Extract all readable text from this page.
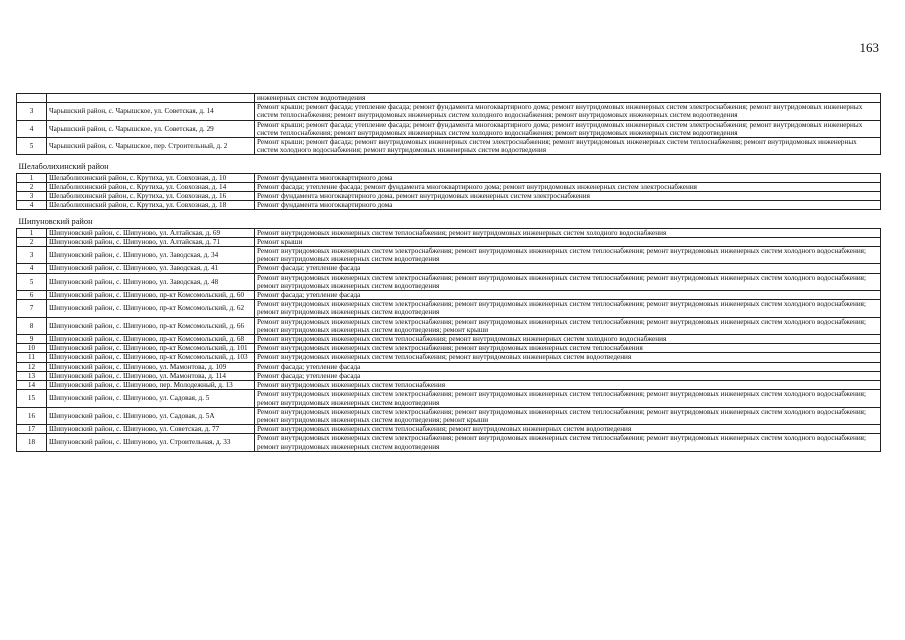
163
		инженерных систем водоотведения
3	Чарышский район, с. Чарышское, ул. Советская, д. 14	Ремонт крыши; ремонт фасада; утепление фасада; ремонт фундамента многоквартирного дома; ремонт внутридомовых инженерных систем электроснабжения; ремонт внутридомовых инженерных систем теплоснабжения; ремонт внутридомовых инженерных систем холодного водоснабжения; ремонт внутридомовых инженерных систем водоотведения
4	Чарышский район, с. Чарышское, ул. Советская, д. 29	Ремонт крыши; ремонт фасада; утепление фасада; ремонт фундамента многоквартирного дома; ремонт внутридомовых инженерных систем электроснабжения; ремонт внутридомовых инженерных систем теплоснабжения; ремонт внутридомовых инженерных систем холодного водоснабжения; ремонт внутридомовых инженерных систем водоотведения
5	Чарышский район, с. Чарышское, пер. Строительный, д. 2	Ремонт крыши; ремонт фасада; ремонт внутридомовых инженерных систем электроснабжения; ремонт внутридомовых инженерных систем теплоснабжения; ремонт внутридомовых инженерных систем холодного водоснабжения; ремонт внутридомовых инженерных систем водоотведения
Шелаболихинский район		
1	Шелаболихинский район, с. Крутиха, ул. Совхозная, д. 10	Ремонт фундамента многоквартирного дома
2	Шелаболихинский район, с. Крутиха, ул. Совхозная, д. 14	Ремонт фасада; утепление фасада; ремонт фундамента многоквартирного дома; ремонт внутридомовых инженерных систем электроснабжения
3	Шелаболихинский район, с. Крутиха, ул. Совхозная, д. 16	Ремонт фундамента многоквартирного дома, ремонт внутридомовых инженерных систем электроснабжения
4	Шелаболихинский район, с. Крутиха, ул. Совхозная, д. 18	Ремонт фундамента многоквартирного дома
Шипуновский район		
1	Шипуновский район, с. Шипуново, ул. Алтайская, д. 69	Ремонт внутридомовых инженерных систем теплоснабжения; ремонт внутридомовых инженерных систем холодного водоснабжения
2	Шипуновский район, с. Шипуново, ул. Алтайская, д. 71	Ремонт крыши
3	Шипуновский район, с. Шипуново, ул. Заводская, д. 34	Ремонт внутридомовых инженерных систем электроснабжения; ремонт внутридомовых инженерных систем теплоснабжения; ремонт внутридомовых инженерных систем холодного водоснабжения; ремонт внутридомовых инженерных систем водоотведения
4	Шипуновский район, с. Шипуново, ул. Заводская, д. 41	Ремонт фасада; утепление фасада
5	Шипуновский район, с. Шипуново, ул. Заводская, д. 48	Ремонт внутридомовых инженерных систем электроснабжения; ремонт внутридомовых инженерных систем теплоснабжения; ремонт внутридомовых инженерных систем холодного водоснабжения; ремонт внутридомовых инженерных систем водоотведения
6	Шипуновский район, с. Шипуново, пр-кт Комсомольский, д. 60	Ремонт фасада; утепление фасада
7	Шипуновский район, с. Шипуново, пр-кт Комсомольский, д. 62	Ремонт внутридомовых инженерных систем электроснабжения; ремонт внутридомовых инженерных систем теплоснабжения; ремонт внутридомовых инженерных систем холодного водоснабжения; ремонт внутридомовых инженерных систем водоотведения
8	Шипуновский район, с. Шипуново, пр-кт Комсомольский, д. 66	Ремонт внутридомовых инженерных систем электроснабжения; ремонт внутридомовых инженерных систем теплоснабжения; ремонт внутридомовых инженерных систем холодного водоснабжения; ремонт внутридомовых инженерных систем водоотведения; ремонт крыши
9	Шипуновский район, с. Шипуново, пр-кт Комсомольский, д. 68	Ремонт внутридомовых инженерных систем теплоснабжения; ремонт внутридомовых инженерных систем холодного водоснабжения
10	Шипуновский район, с. Шипуново, пр-кт Комсомольский, д. 101	Ремонт внутридомовых инженерных систем электроснабжения; ремонт внутридомовых инженерных систем теплоснабжения
11	Шипуновский район, с. Шипуново, пр-кт Комсомольский, д. 103	Ремонт внутридомовых инженерных систем теплоснабжения; ремонт внутридомовых инженерных систем водоотведения
12	Шипуновский район, с. Шипуново, ул. Мамонтова, д. 109	Ремонт фасада; утепление фасада
13	Шипуновский район, с. Шипуново, ул. Мамонтова, д. 114	Ремонт фасада; утепление фасада
14	Шипуновский район, с. Шипуново, пер. Молодежный, д. 13	Ремонт внутридомовых инженерных систем теплоснабжения
15	Шипуновский район, с. Шипуново, ул. Садовая, д. 5	Ремонт внутридомовых инженерных систем электроснабжения; ремонт внутридомовых инженерных систем теплоснабжения; ремонт внутридомовых инженерных систем холодного водоснабжения; ремонт внутридомовых инженерных систем водоотведения
16	Шипуновский район, с. Шипуново, ул. Садовая, д. 5А	Ремонт внутридомовых инженерных систем электроснабжения; ремонт внутридомовых инженерных систем теплоснабжения; ремонт внутридомовых инженерных систем холодного водоснабжения; ремонт внутридомовых инженерных систем водоотведения; ремонт крыши
17	Шипуновский район, с. Шипуново, ул. Советская, д. 77	Ремонт внутридомовых инженерных систем теплоснабжения; ремонт внутридомовых инженерных систем водоотведения
18	Шипуновский район, с. Шипуново, ул. Строительная, д. 33	Ремонт внутридомовых инженерных систем электроснабжения; ремонт внутридомовых инженерных систем теплоснабжения; ремонт внутридомовых инженерных систем холодного водоснабжения; ремонт внутридомовых инженерных систем водоотведения
